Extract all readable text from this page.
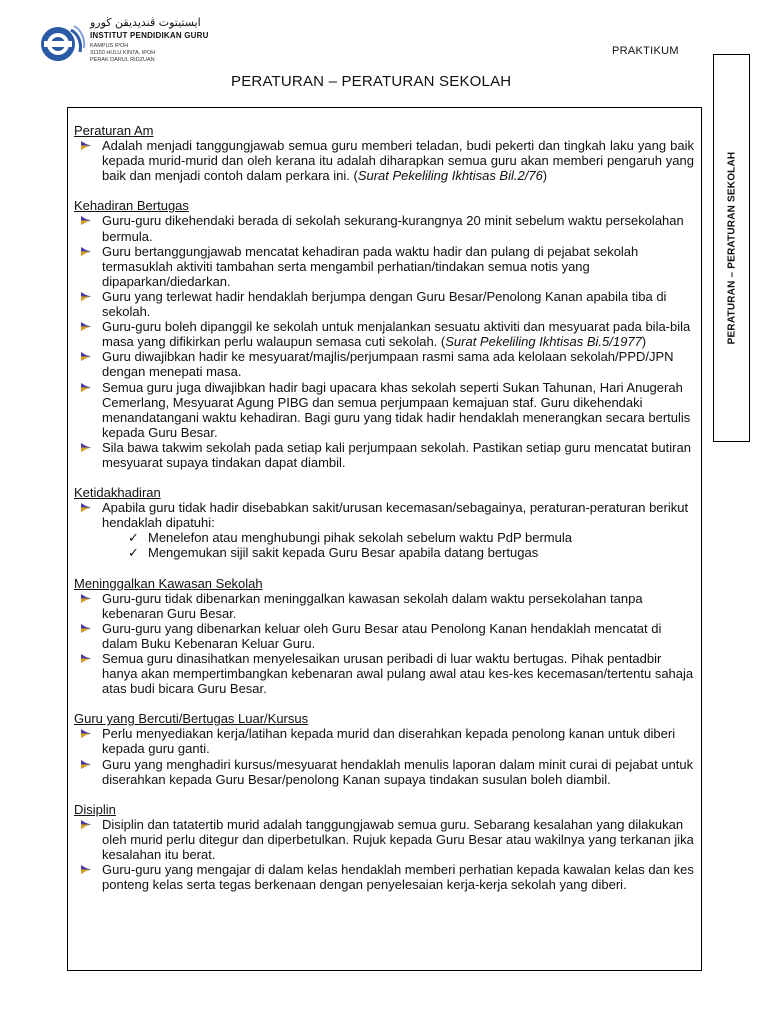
ايستيتوت ڤنديديقن ڬورو
INSTITUT PENDIDIKAN GURU
KAMPUS IPOH
31150 HULU KINTA, IPOH
PERAK DARUL RIDZUAN
PRAKTIKUM
PERATURAN – PERATURAN SEKOLAH
PERATURAN – PERATURAN SEKOLAH
Peraturan Am
Adalah menjadi tanggungjawab semua guru memberi teladan, budi pekerti dan tingkah laku yang baik kepada murid-murid dan oleh kerana itu adalah diharapkan semua guru akan memberi pengaruh yang baik dan menjadi contoh dalam perkara ini. (Surat Pekeliling Ikhtisas Bil.2/76)
Kehadiran Bertugas
Guru-guru dikehendaki berada di sekolah sekurang-kurangnya 20 minit sebelum waktu persekolahan bermula.
Guru bertanggungjawab mencatat kehadiran pada waktu hadir dan pulang di pejabat sekolah termasuklah aktiviti tambahan serta mengambil perhatian/tindakan semua notis yang dipaparkan/diedarkan.
Guru yang terlewat hadir hendaklah berjumpa dengan Guru Besar/Penolong Kanan apabila tiba di sekolah.
Guru-guru boleh dipanggil ke sekolah untuk menjalankan sesuatu aktiviti dan mesyuarat pada bila-bila masa yang difikirkan perlu walaupun semasa cuti sekolah. (Surat Pekeliling Ikhtisas Bi.5/1977)
Guru diwajibkan hadir ke mesyuarat/majlis/perjumpaan rasmi sama ada kelolaan sekolah/PPD/JPN dengan menepati masa.
Semua guru juga diwajibkan hadir bagi upacara khas sekolah seperti Sukan Tahunan, Hari Anugerah Cemerlang, Mesyuarat Agung PIBG dan semua perjumpaan kemajuan staf. Guru dikehendaki menandatangani waktu kehadiran. Bagi guru yang tidak hadir hendaklah menerangkan secara bertulis kepada Guru Besar.
Sila bawa takwim sekolah pada setiap kali perjumpaan sekolah. Pastikan setiap guru mencatat butiran mesyuarat supaya tindakan dapat diambil.
Ketidakhadiran
Apabila guru tidak hadir disebabkan sakit/urusan kecemasan/sebagainya, peraturan-peraturan berikut hendaklah dipatuhi:
✓ Menelefon atau menghubungi pihak sekolah sebelum waktu PdP bermula
✓ Mengemukan sijil sakit kepada Guru Besar apabila datang bertugas
Meninggalkan Kawasan Sekolah
Guru-guru tidak dibenarkan meninggalkan kawasan sekolah dalam waktu persekolahan tanpa kebenaran Guru Besar.
Guru-guru yang dibenarkan keluar oleh Guru Besar atau Penolong Kanan hendaklah mencatat di dalam Buku Kebenaran Keluar Guru.
Semua guru dinasihatkan menyelesaikan urusan peribadi di luar waktu bertugas. Pihak pentadbir hanya akan mempertimbangkan kebenaran awal pulang awal atau kes-kes kecemasan/tertentu sahaja atas budi bicara Guru Besar.
Guru yang Bercuti/Bertugas Luar/Kursus
Perlu menyediakan kerja/latihan kepada murid dan diserahkan kepada penolong kanan untuk diberi kepada guru ganti.
Guru yang menghadiri kursus/mesyuarat hendaklah menulis laporan dalam minit curai di pejabat untuk diserahkan kepada Guru Besar/penolong Kanan supaya tindakan susulan boleh diambil.
Disiplin
Disiplin dan tatatertib murid adalah tanggungjawab semua guru. Sebarang kesalahan yang dilakukan oleh murid perlu ditegur dan diperbetulkan. Rujuk kepada Guru Besar atau wakilnya yang terkanan jika kesalahan itu berat.
Guru-guru yang mengajar di dalam kelas hendaklah memberi perhatian kepada kawalan kelas dan kes ponteng kelas serta tegas berkenaan dengan penyelesaian kerja-kerja sekolah yang diberi.
